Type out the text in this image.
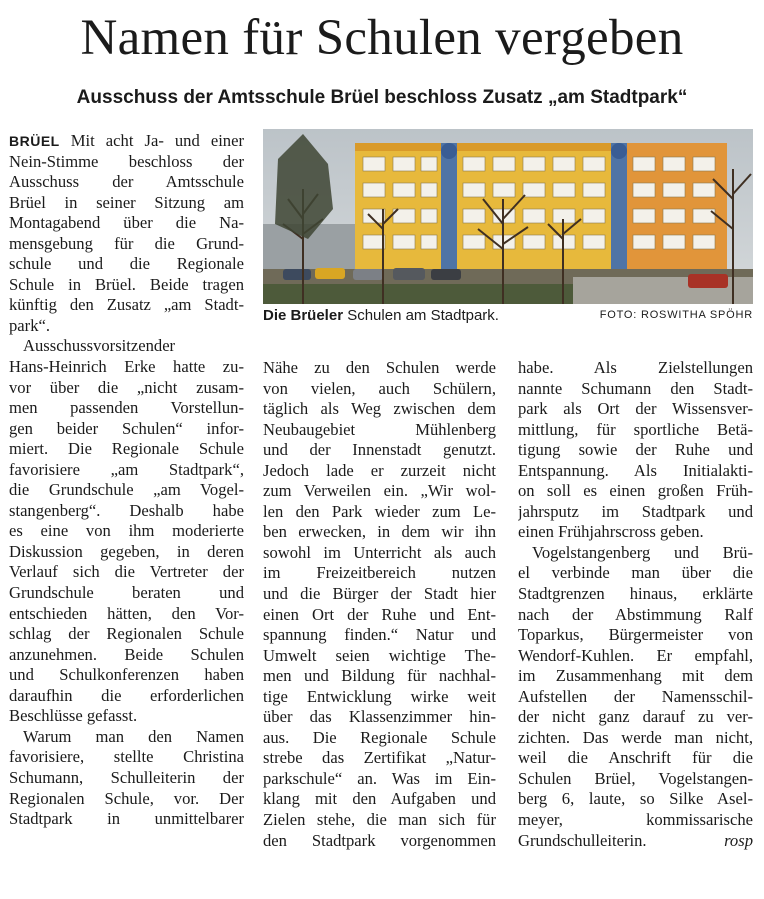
Namen für Schulen vergeben
Ausschuss der Amtsschule Brüel beschloss Zusatz „am Stadtpark“
BRÜEL Mit acht Ja- und einer
Nein-Stimme beschloss der
Ausschuss der Amtsschule
Brüel in seiner Sitzung am
Montagabend über die Na-
mensgebung für die Grund-
schule und die Regionale
Schule in Brüel. Beide tragen
künftig den Zusatz „am Stadt-
park“.
Ausschussvorsitzender
Hans-Heinrich Erke hatte zu-
vor über die „nicht zusam-
men passenden Vorstellun-
gen beider Schulen“ infor-
miert. Die Regionale Schule
favorisiere „am Stadtpark“,
die Grundschule „am Vogel-
stangenberg“. Deshalb habe
es eine von ihm moderierte
Diskussion gegeben, in deren
Verlauf sich die Vertreter der
Grundschule beraten und
entschieden hätten, den Vor-
schlag der Regionalen Schule
anzunehmen. Beide Schulen
und Schulkonferenzen haben
daraufhin die erforderlichen
Beschlüsse gefasst.
Warum man den Namen
favorisiere, stellte Christina
Schumann, Schulleiterin der
Regionalen Schule, vor. Der
Stadtpark in unmittelbarer
Die Brüeler Schulen am Stadtpark.	FOTO: ROSWITHA SPÖHR
Nähe zu den Schulen werde
von vielen, auch Schülern,
täglich als Weg zwischen dem
Neubaugebiet Mühlenberg
und der Innenstadt genutzt.
Jedoch lade er zurzeit nicht
zum Verweilen ein. „Wir wol-
len den Park wieder zum Le-
ben erwecken, in dem wir ihn
sowohl im Unterricht als auch
im Freizeitbereich nutzen
und die Bürger der Stadt hier
einen Ort der Ruhe und Ent-
spannung finden.“ Natur und
Umwelt seien wichtige The-
men und Bildung für nachhal-
tige Entwicklung wirke weit
über das Klassenzimmer hin-
aus. Die Regionale Schule
strebe das Zertifikat „Natur-
parkschule“ an. Was im Ein-
klang mit den Aufgaben und
Zielen stehe, die man sich für
den Stadtpark vorgenommen
habe. Als Zielstellungen
nannte Schumann den Stadt-
park als Ort der Wissensver-
mittlung, für sportliche Betä-
tigung sowie der Ruhe und
Entspannung. Als Initialakti-
on soll es einen großen Früh-
jahrsputz im Stadtpark und
einen Frühjahrscross geben.
Vogelstangenberg und Brü-
el verbinde man über die
Stadtgrenzen hinaus, erklärte
nach der Abstimmung Ralf
Toparkus, Bürgermeister von
Wendorf-Kuhlen. Er empfahl,
im Zusammenhang mit dem
Aufstellen der Namensschil-
der nicht ganz darauf zu ver-
zichten. Das werde man nicht,
weil die Anschrift für die
Schulen Brüel, Vogelstangen-
berg 6, laute, so Silke Asel-
meyer, kommissarische
Grundschulleiterin.	rosp
